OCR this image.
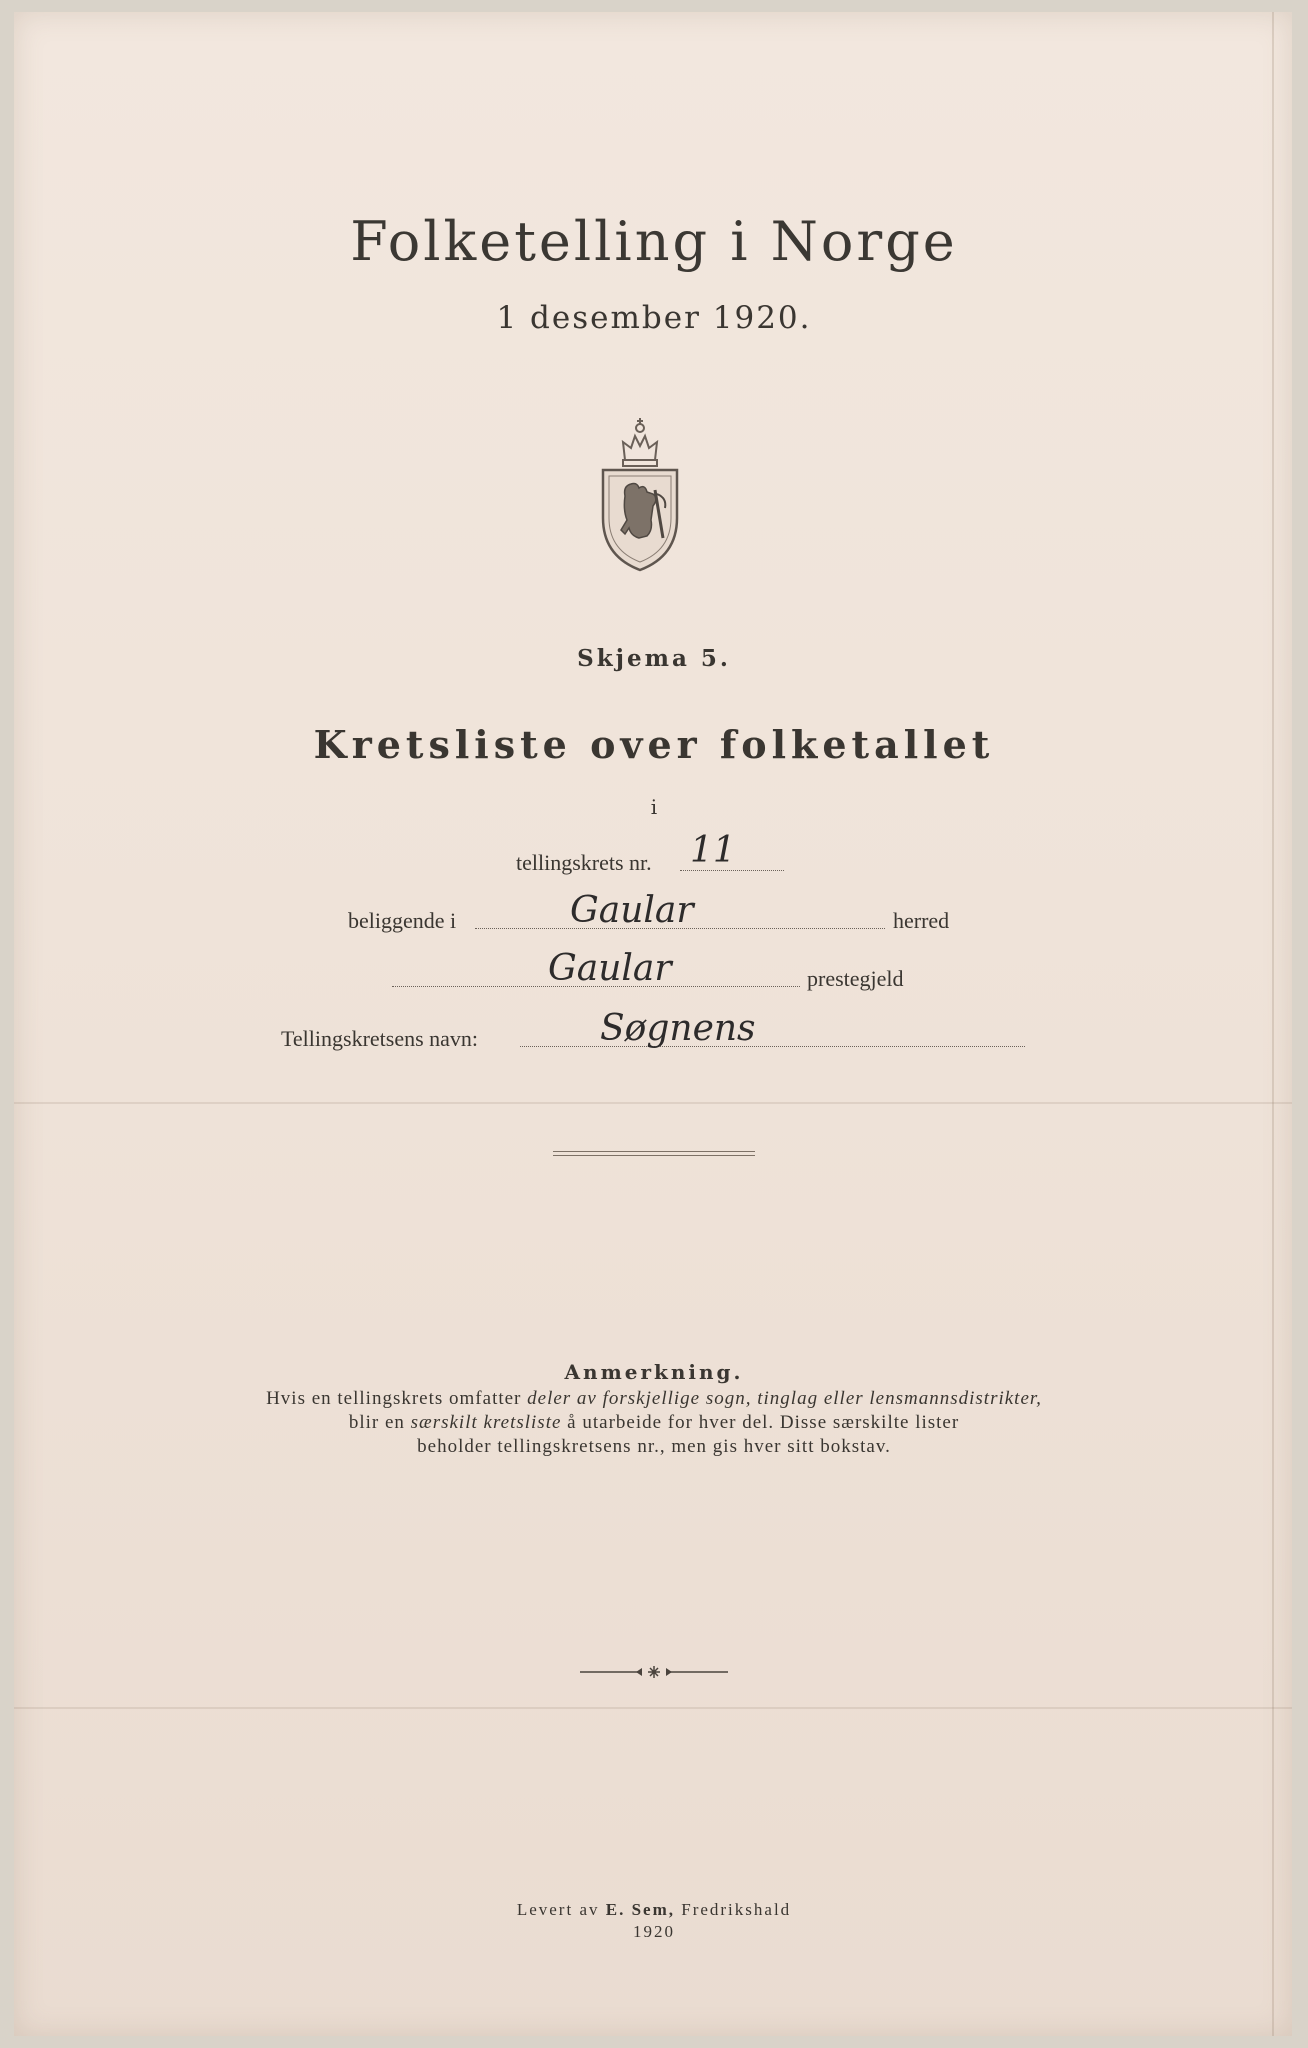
Folketelling i Norge
1 desember 1920.
Skjema 5.
Kretsliste over folketallet
i
tellingskrets nr. 11
beliggende i	Gaular	herred
Gaular	prestegjeld
Tellingskretsens navn:	Søgnens
Anmerkning.
Hvis en tellingskrets omfatter deler av forskjellige sogn, tinglag eller lensmannsdistrikter,
blir en særskilt kretsliste å utarbeide for hver del. Disse særskilte lister
beholder tellingskretsens nr., men gis hver sitt bokstav.
Levert av E. Sem, Fredrikshald
1920
